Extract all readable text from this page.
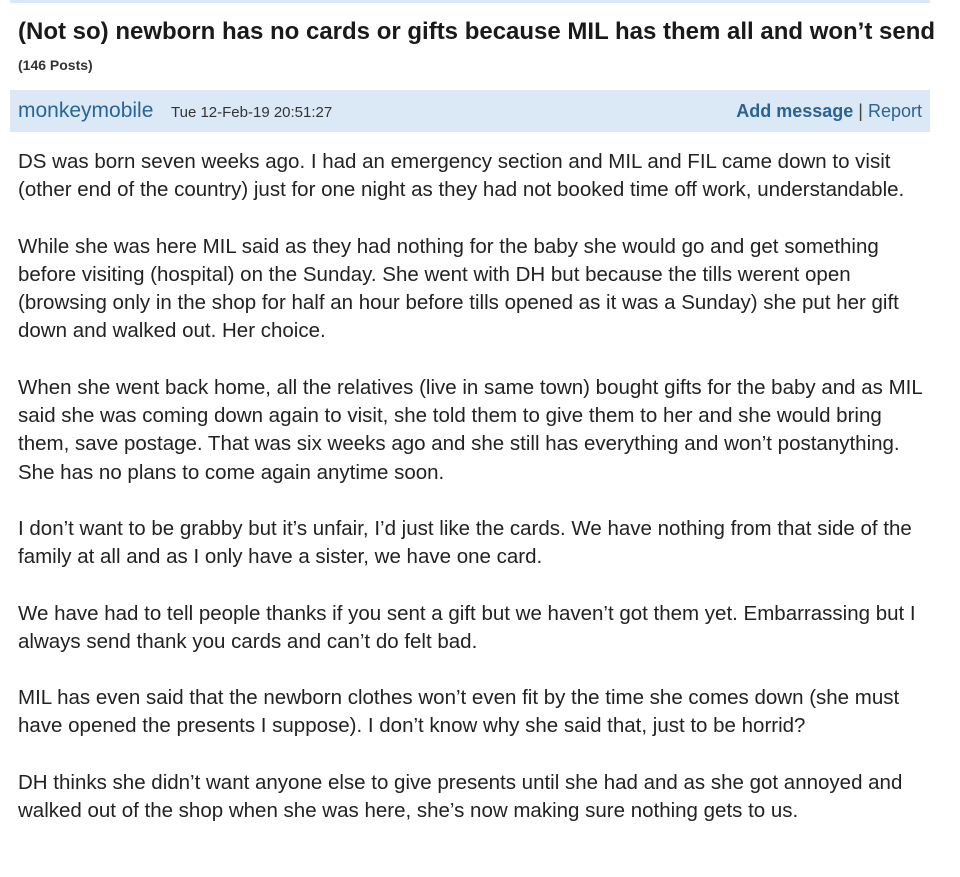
(Not so) newborn has no cards or gifts because MIL has them all and won’t send
(146 Posts)
monkeymobile Tue 12-Feb-19 20:51:27	Add message | Report

DS was born seven weeks ago. I had an emergency section and MIL and FIL came down to visit (other end of the country) just for one night as they had not booked time off work, understandable.

While she was here MIL said as they had nothing for the baby she would go and get something before visiting (hospital) on the Sunday. She went with DH but because the tills werent open (browsing only in the shop for half an hour before tills opened as it was a Sunday) she put her gift down and walked out. Her choice.

When she went back home, all the relatives (live in same town) bought gifts for the baby and as MIL said she was coming down again to visit, she told them to give them to her and she would bring them, save postage. That was six weeks ago and she still has everything and won’t postanything. She has no plans to come again anytime soon.

I don’t want to be grabby but it’s unfair, I’d just like the cards. We have nothing from that side of the family at all and as I only have a sister, we have one card.

We have had to tell people thanks if you sent a gift but we haven’t got them yet. Embarrassing but I always send thank you cards and can’t do felt bad.

MIL has even said that the newborn clothes won’t even fit by the time she comes down (she must have opened the presents I suppose). I don’t know why she said that, just to be horrid?

DH thinks she didn’t want anyone else to give presents until she had and as she got annoyed and walked out of the shop when she was here, she’s now making sure nothing gets to us.
